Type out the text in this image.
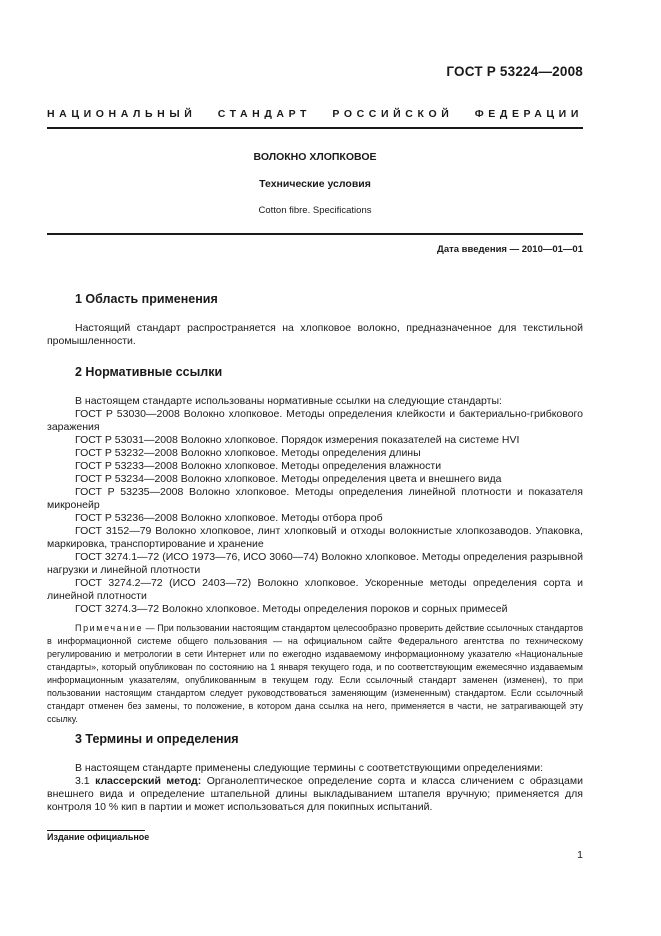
ГОСТ Р 53224—2008
НАЦИОНАЛЬНЫЙ СТАНДАРТ РОССИЙСКОЙ ФЕДЕРАЦИИ
ВОЛОКНО ХЛОПКОВОЕ
Технические условия
Cotton fibre. Specifications
Дата введения — 2010—01—01
1 Область применения
Настоящий стандарт распространяется на хлопковое волокно, предназначенное для текстильной промышленности.
2 Нормативные ссылки
В настоящем стандарте использованы нормативные ссылки на следующие стандарты:
ГОСТ Р 53030—2008 Волокно хлопковое. Методы определения клейкости и бактериально-грибкового заражения
ГОСТ Р 53031—2008 Волокно хлопковое. Порядок измерения показателей на системе HVI
ГОСТ Р 53232—2008 Волокно хлопковое. Методы определения длины
ГОСТ Р 53233—2008 Волокно хлопковое. Методы определения влажности
ГОСТ Р 53234—2008 Волокно хлопковое. Методы определения цвета и внешнего вида
ГОСТ Р 53235—2008 Волокно хлопковое. Методы определения линейной плотности и показателя микронейр
ГОСТ Р 53236—2008 Волокно хлопковое. Методы отбора проб
ГОСТ 3152—79 Волокно хлопковое, линт хлопковый и отходы волокнистые хлопкозаводов. Упаковка, маркировка, транспортирование и хранение
ГОСТ 3274.1—72 (ИСО 1973—76, ИСО 3060—74) Волокно хлопковое. Методы определения разрывной нагрузки и линейной плотности
ГОСТ 3274.2—72 (ИСО 2403—72) Волокно хлопковое. Ускоренные методы определения сорта и линейной плотности
ГОСТ 3274.3—72 Волокно хлопковое. Методы определения пороков и сорных примесей
Примечание — При пользовании настоящим стандартом целесообразно проверить действие ссылочных стандартов в информационной системе общего пользования — на официальном сайте Федерального агентства по техническому регулированию и метрологии в сети Интернет или по ежегодно издаваемому информационному указателю «Национальные стандарты», который опубликован по состоянию на 1 января текущего года, и по соответствующим ежемесячно издаваемым информационным указателям, опубликованным в текущем году. Если ссылочный стандарт заменен (изменен), то при пользовании настоящим стандартом следует руководствоваться заменяющим (измененным) стандартом. Если ссылочный стандарт отменен без замены, то положение, в котором дана ссылка на него, применяется в части, не затрагивающей эту ссылку.
3 Термины и определения
В настоящем стандарте применены следующие термины с соответствующими определениями:
3.1 классерский метод: Органолептическое определение сорта и класса сличением с образцами внешнего вида и определение штапельной длины выкладыванием штапеля вручную; применяется для контроля 10 % кип в партии и может использоваться для покипных испытаний.
Издание официальное
1
